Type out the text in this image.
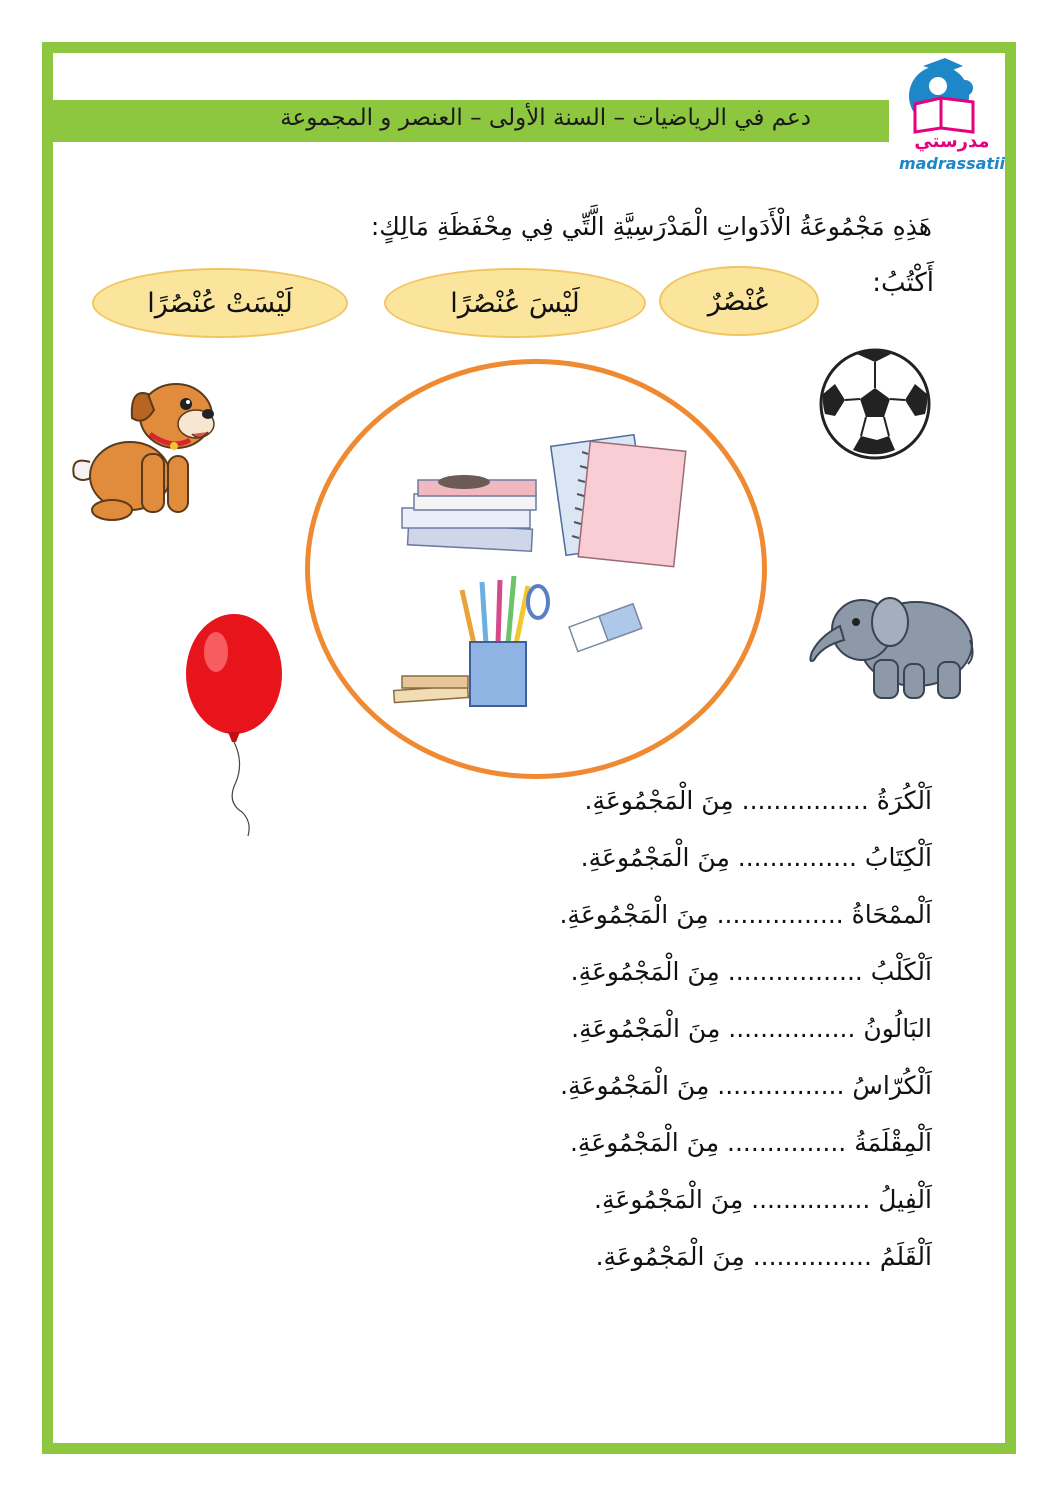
دعم في الرياضيات – السنة الأولى – العنصر و المجموعة
مدرستي
madrassatii
هَذِهِ مَجْمُوعَةُ الْأَدَواتِ الْمَدْرَسِيَّةِ الَّتِّي فِي مِحْفَظَةِ مَالِكٍ:
أَكْتُبُ:
عُنْصُرٌ
لَيْسَ عُنْصُرًا
لَيْسَتْ عُنْصُرًا
اَلْكُرَةُ ................ مِنَ الْمَجْمُوعَةِ.
اَلْكِتَابُ ............... مِنَ الْمَجْمُوعَةِ.
اَلْممْحَاةُ ................ مِنَ الْمَجْمُوعَةِ.
اَلْكَلْبُ ................. مِنَ الْمَجْمُوعَةِ.
البَالُونُ ................ مِنَ الْمَجْمُوعَةِ.
اَلْكُرّاسُ ................ مِنَ الْمَجْمُوعَةِ.
اَلْمِقْلَمَةُ ............... مِنَ الْمَجْمُوعَةِ.
اَلْفِيلُ ............... مِنَ الْمَجْمُوعَةِ.
اَلْقَلَمُ ............... مِنَ الْمَجْمُوعَةِ.
